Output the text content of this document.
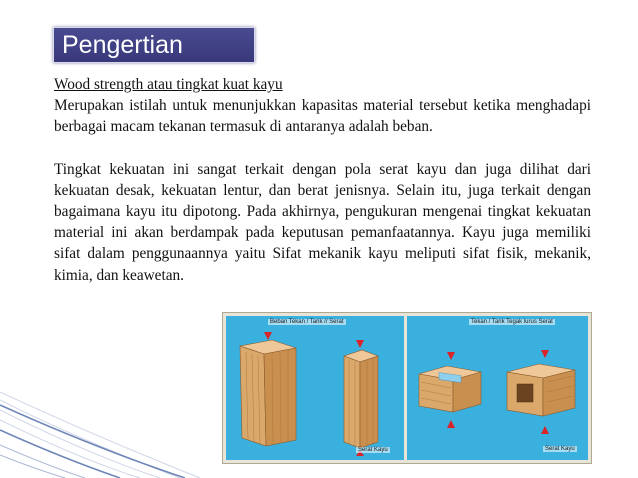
Pengertian

Wood strength atau tingkat kuat kayu

Merupakan istilah untuk menunjukkan kapasitas material tersebut ketika menghadapi berbagai macam tekanan termasuk di antaranya adalah beban.

Tingkat kekuatan ini sangat terkait dengan pola serat kayu dan juga dilihat dari kekuatan desak, kekuatan lentur, dan berat jenisnya. Selain itu, juga terkait dengan bagaimana kayu itu dipotong. Pada akhirnya, pengukuran mengenai tingkat kekuatan material ini akan berdampak pada keputusan pemanfaatannya. Kayu juga memiliki sifat dalam penggunaannya yaitu Sifat mekanik kayu meliputi sifat fisik, mekanik, kimia, dan keawetan.

Beban Tekan / Tarik // Serat
Serat Kayu
Tekan / Tarik Tegak lurus Serat
Serat Kayu
